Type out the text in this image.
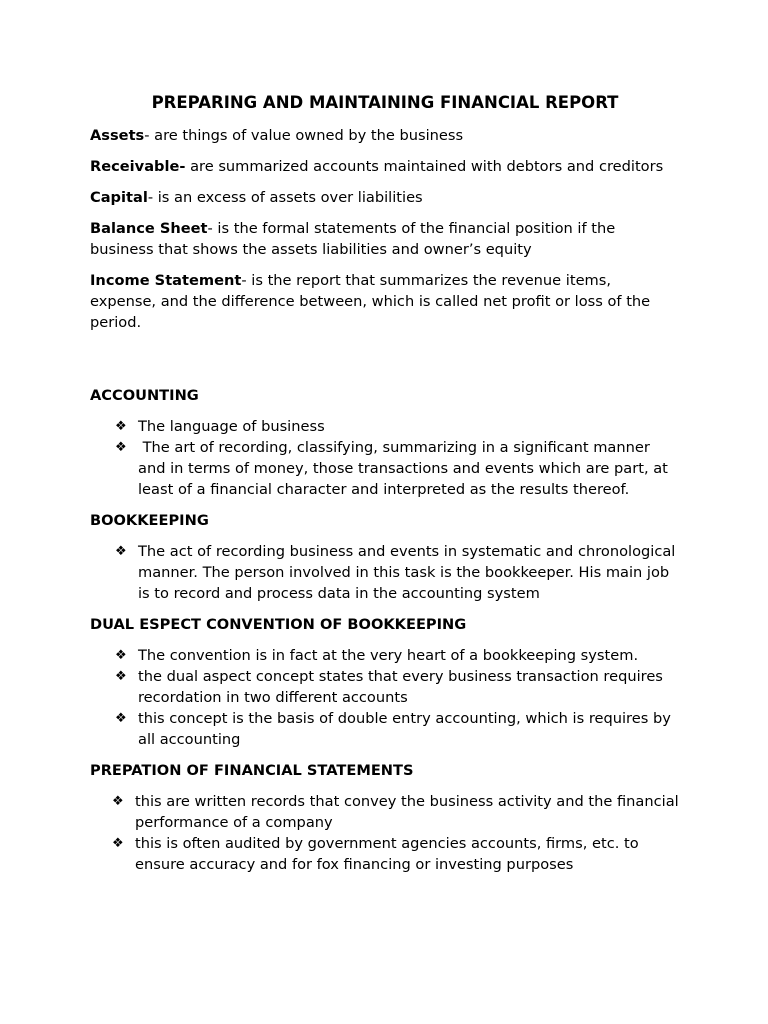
PREPARING AND MAINTAINING FINANCIAL REPORT
Assets- are things of value owned by the business
Receivable- are summarized accounts maintained with debtors and creditors
Capital- is an excess of assets over liabilities
Balance Sheet- is the formal statements of the financial position if the business that shows the assets liabilities and owner’s equity
Income Statement- is the report that summarizes the revenue items, expense, and the difference between, which is called net profit or loss of the period.
ACCOUNTING
❖ The language of business
❖ The art of recording, classifying, summarizing in a significant manner and in terms of money, those transactions and events which are part, at least of a financial character and interpreted as the results thereof.
BOOKKEEPING
❖ The act of recording business and events in systematic and chronological manner. The person involved in this task is the bookkeeper. His main job is to record and process data in the accounting system
DUAL ESPECT CONVENTION OF BOOKKEEPING
❖ The convention is in fact at the very heart of a bookkeeping system.
❖ the dual aspect concept states that every business transaction requires recordation in two different accounts
❖ this concept is the basis of double entry accounting, which is requires by all accounting
PREPATION OF FINANCIAL STATEMENTS
❖ this are written records that convey the business activity and the financial performance of a company
❖ this is often audited by government agencies accounts, firms, etc. to ensure accuracy and for fox financing or investing purposes
